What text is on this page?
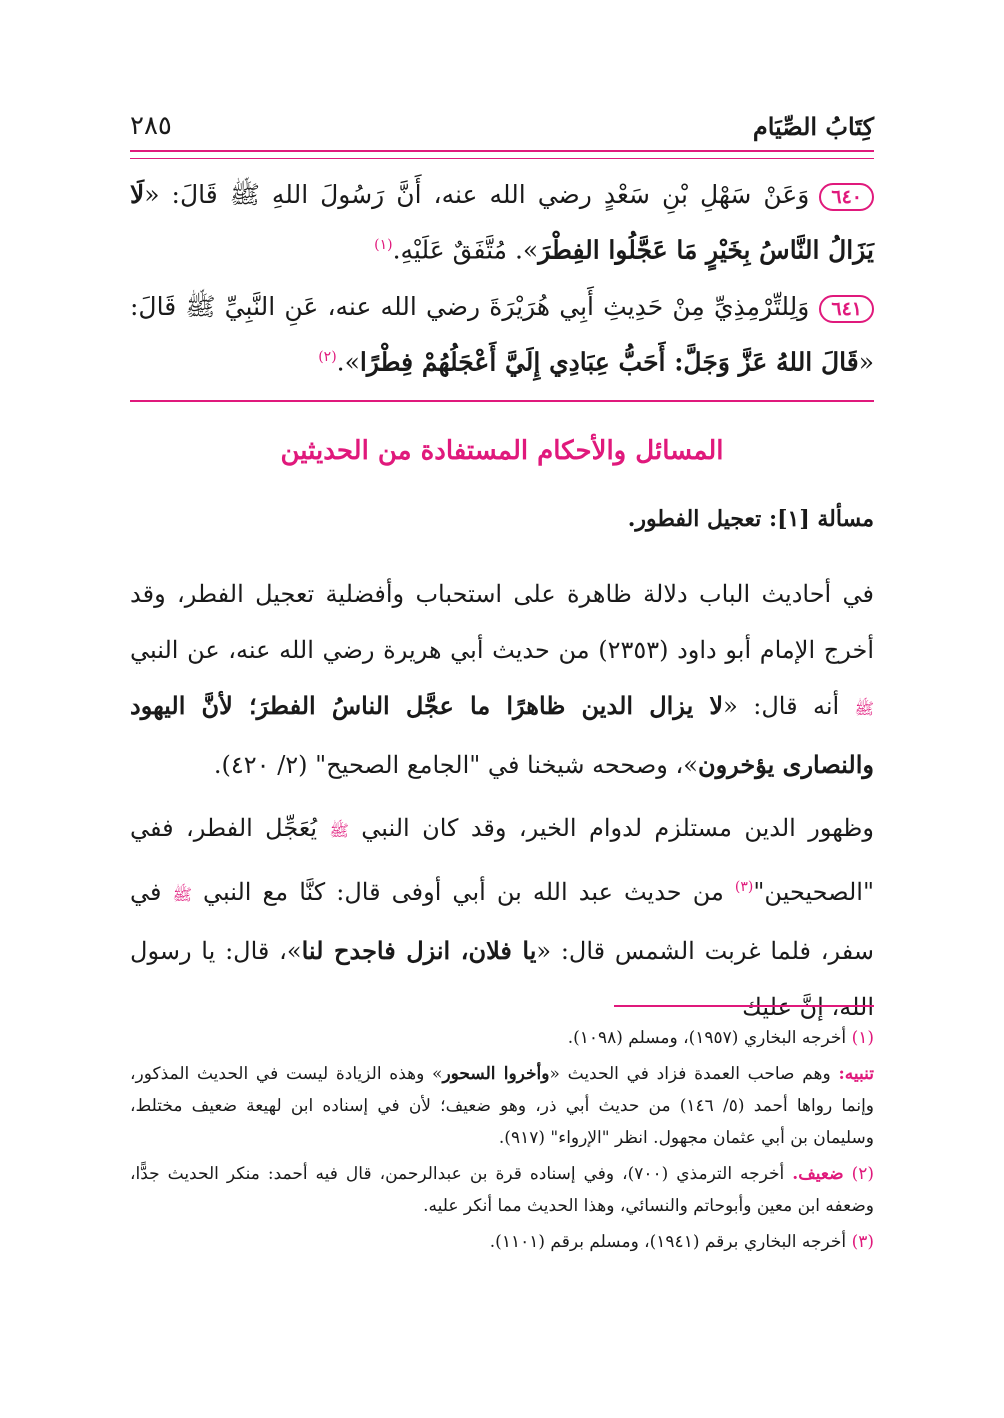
٢٨٥	كِتَابُ الصِّيَام
٦٤٠وَعَنْ سَهْلِ بْنِ سَعْدٍ رضي الله عنه، أَنَّ رَسُولَ اللهِ ﷺ قَالَ: «لَا يَزَالُ النَّاسُ بِخَيْرٍ مَا عَجَّلُوا الفِطْرَ». مُتَّفَقٌ عَلَيْهِ.$^{(١)}$
٦٤١وَلِلتِّرْمِذِيِّ مِنْ حَدِيثِ أَبِي هُرَيْرَةَ رضي الله عنه، عَنِ النَّبِيِّ ﷺ قَالَ: «قَالَ اللهُ عَزَّ وَجَلَّ: أَحَبُّ عِبَادِي إِلَيَّ أَعْجَلُهُمْ فِطْرًا».$^{(٢)}$
المسائل والأحكام المستفادة من الحديثين
مسألة [١]: تعجيل الفطور.
في أحاديث الباب دلالة ظاهرة على استحباب وأفضلية تعجيل الفطر، وقد أخرج الإمام أبو داود (٢٣٥٣) من حديث أبي هريرة رضي الله عنه، عن النبي ﷺ أنه قال: «لا يزال الدين ظاهرًا ما عجَّل الناسُ الفطرَ؛ لأنَّ اليهود والنصارى يؤخرون»، وصححه شيخنا في "الجامع الصحيح" (٢/ ٤٢٠).
وظهور الدين مستلزم لدوام الخير، وقد كان النبي ﷺ يُعَجِّل الفطر، ففي "الصحيحين"$^{(٣)}$ من حديث عبد الله بن أبي أوفى قال: كنَّا مع النبي ﷺ في سفر، فلما غربت الشمس قال: «يا فلان، انزل فاجدح لنا»، قال: يا رسول الله، إنَّ عليك
(١) أخرجه البخاري (١٩٥٧)، ومسلم (١٠٩٨).
تنبيه: وهم صاحب العمدة فزاد في الحديث «وأخروا السحور» وهذه الزيادة ليست في الحديث المذكور، وإنما رواها أحمد (٥/ ١٤٦) من حديث أبي ذر، وهو ضعيف؛ لأن في إسناده ابن لهيعة ضعيف مختلط، وسليمان بن أبي عثمان مجهول. انظر "الإرواء" (٩١٧).
(٢) ضعيف. أخرجه الترمذي (٧٠٠)، وفي إسناده قرة بن عبدالرحمن، قال فيه أحمد: منكر الحديث جدًّا، وضعفه ابن معين وأبوحاتم والنسائي، وهذا الحديث مما أنكر عليه.
(٣) أخرجه البخاري برقم (١٩٤١)، ومسلم برقم (١١٠١).
